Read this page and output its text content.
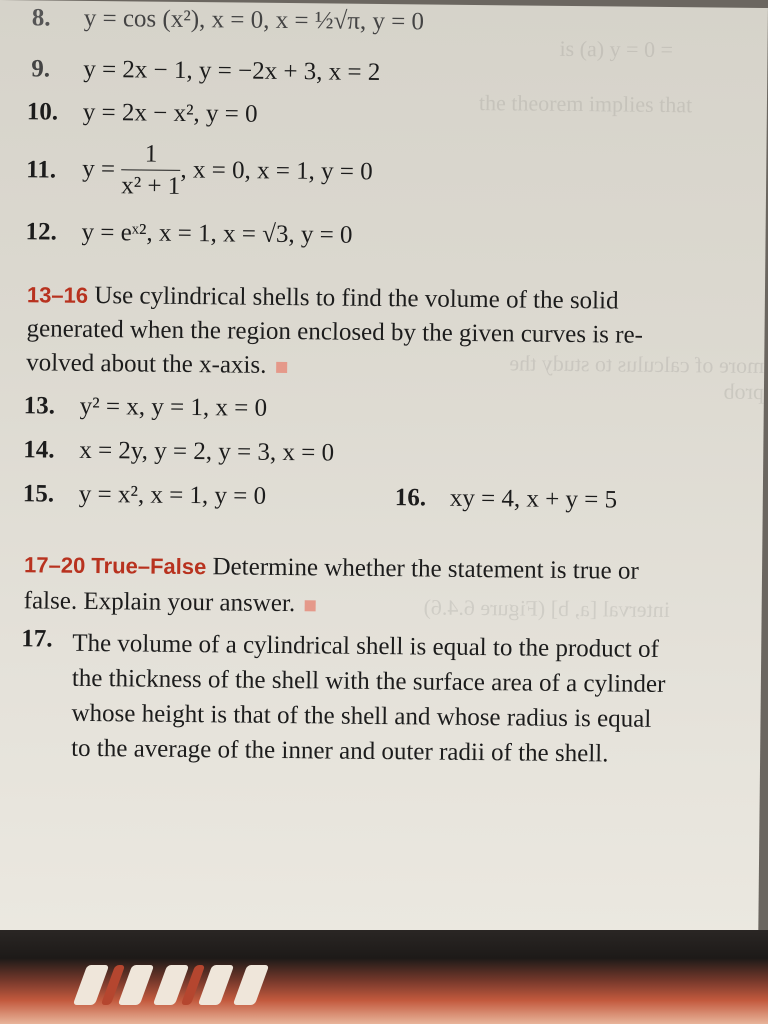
is (a) y = 0 =
the theorem implies that
more of calculus to study the prob
interval [a, b] (Figure 6.4.6)
8. y = cos (x²), x = 0, x = ½√π, y = 0
9. y = 2x − 1, y = −2x + 3, x = 2
10. y = 2x − x², y = 0
11. $y = \frac{1}{\text{x² + 1}}$ , x = 0, x = 1, y = 0
12. y = eˣ², x = 1, x = √3, y = 0
13–16 Use cylindrical shells to find the volume of the solid
generated when the region enclosed by the given curves is re-
volved about the x-axis.
13. y² = x, y = 1, x = 0
14. x = 2y, y = 2, y = 3, x = 0
15. y = x², x = 1, y = 0	16. xy = 4, x + y = 5
17–20 True–False Determine whether the statement is true or
false. Explain your answer.
17. The volume of a cylindrical shell is equal to the product of
the thickness of the shell with the surface area of a cylinder
whose height is that of the shell and whose radius is equal
to the average of the inner and outer radii of the shell.
